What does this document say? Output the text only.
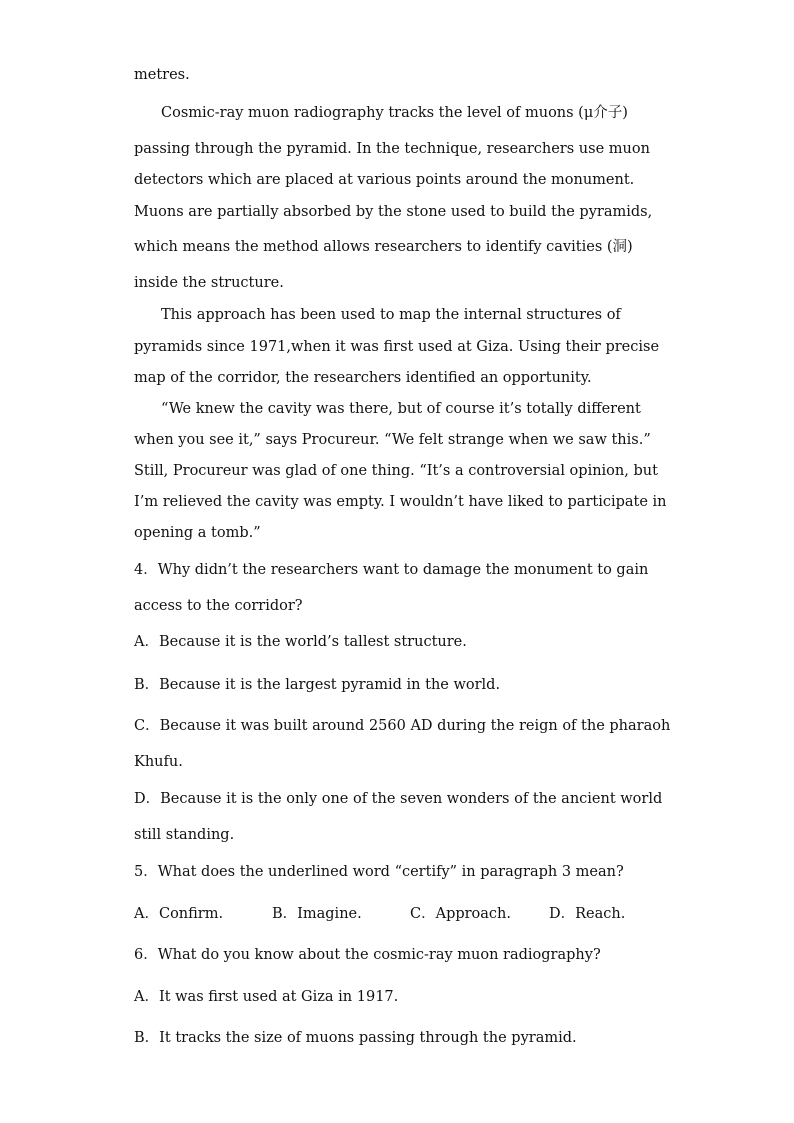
metres.
Cosmic-ray muon radiography tracks the level of muons (μ介子)
passing through the pyramid. In the technique, researchers use muon
detectors which are placed at various points around the monument.
Muons are partially absorbed by the stone used to build the pyramids,
which means the method allows researchers to identify cavities (洞)
inside the structure.
This approach has been used to map the internal structures of
pyramids since 1971,when it was first used at Giza. Using their precise
map of the corridor, the researchers identified an opportunity.
“We knew the cavity was there, but of course it’s totally different
when you see it,” says Procureur. “We felt strange when we saw this.”
Still, Procureur was glad of one thing. “It’s a controversial opinion, but
I’m relieved the cavity was empty. I wouldn’t have liked to participate in
opening a tomb.”
4．Why didn’t the researchers want to damage the monument to gain
access to the corridor?
A．Because it is the world’s tallest structure.
B．Because it is the largest pyramid in the world.
C．Because it was built around 2560 AD during the reign of the pharaoh
Khufu.
D．Because it is the only one of the seven wonders of the ancient world
still standing.
5．What does the underlined word “certify” in paragraph 3 mean?
A．Confirm.	B．Imagine.	C．Approach.	D．Reach.
6．What do you know about the cosmic-ray muon radiography?
A．It was first used at Giza in 1917.
B．It tracks the size of muons passing through the pyramid.
